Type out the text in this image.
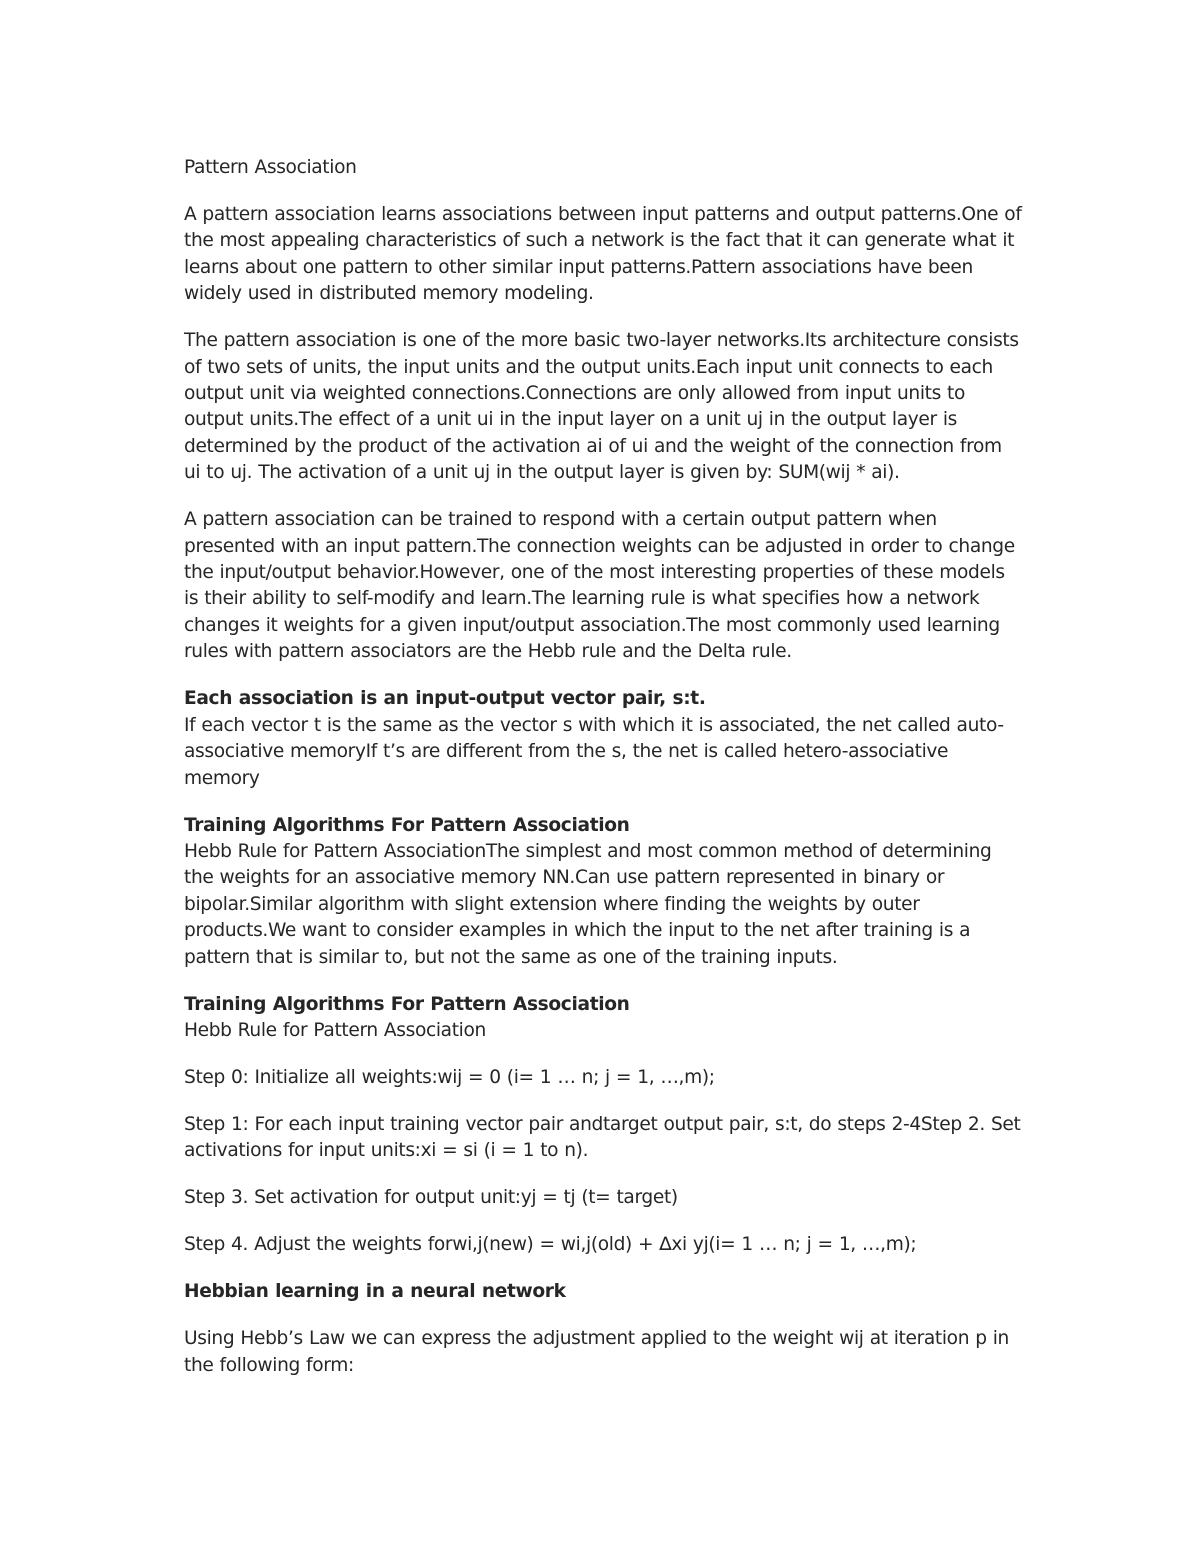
Pattern Association

A pattern association learns associations between input patterns and output patterns.One of the most appealing characteristics of such a network is the fact that it can generate what it learns about one pattern to other similar input patterns.Pattern associations have been widely used in distributed memory modeling.

The pattern association is one of the more basic two-layer networks.Its architecture consists of two sets of units, the input units and the output units.Each input unit connects to each output unit via weighted connections.Connections are only allowed from input units to output units.The effect of a unit ui in the input layer on a unit uj in the output layer is determined by the product of the activation ai of ui and the weight of the connection from ui to uj. The activation of a unit uj in the output layer is given by: SUM(wij * ai).

A pattern association can be trained to respond with a certain output pattern when presented with an input pattern.The connection weights can be adjusted in order to change the input/output behavior.However, one of the most interesting properties of these models is their ability to self-modify and learn.The learning rule is what specifies how a network changes it weights for a given input/output association.The most commonly used learning rules with pattern associators are the Hebb rule and the Delta rule.

Each association is an input-output vector pair, s:t.

If each vector t is the same as the vector s with which it is associated, the net called auto-associative memoryIf t’s are different from the s, the net is called hetero-associative memory

Training Algorithms For Pattern Association

Hebb Rule for Pattern AssociationThe simplest and most common method of determining the weights for an associative memory NN.Can use pattern represented in binary or bipolar.Similar algorithm with slight extension where finding the weights by outer products.We want to consider examples in which the input to the net after training is a pattern that is similar to, but not the same as one of the training inputs.

Training Algorithms For Pattern Association

Hebb Rule for Pattern Association

Step 0: Initialize all weights:wij = 0 (i= 1 … n; j = 1, …,m);

Step 1: For each input training vector pair andtarget output pair, s:t, do steps 2-4Step 2. Set activations for input units:xi = si (i = 1 to n).

Step 3. Set activation for output unit:yj = tj (t= target)

Step 4. Adjust the weights forwi,j(new) = wi,j(old) + ∆xi yj(i= 1 … n; j = 1, …,m);

Hebbian learning in a neural network

Using Hebb’s Law we can express the adjustment applied to the weight wij at iteration p in the following form:
